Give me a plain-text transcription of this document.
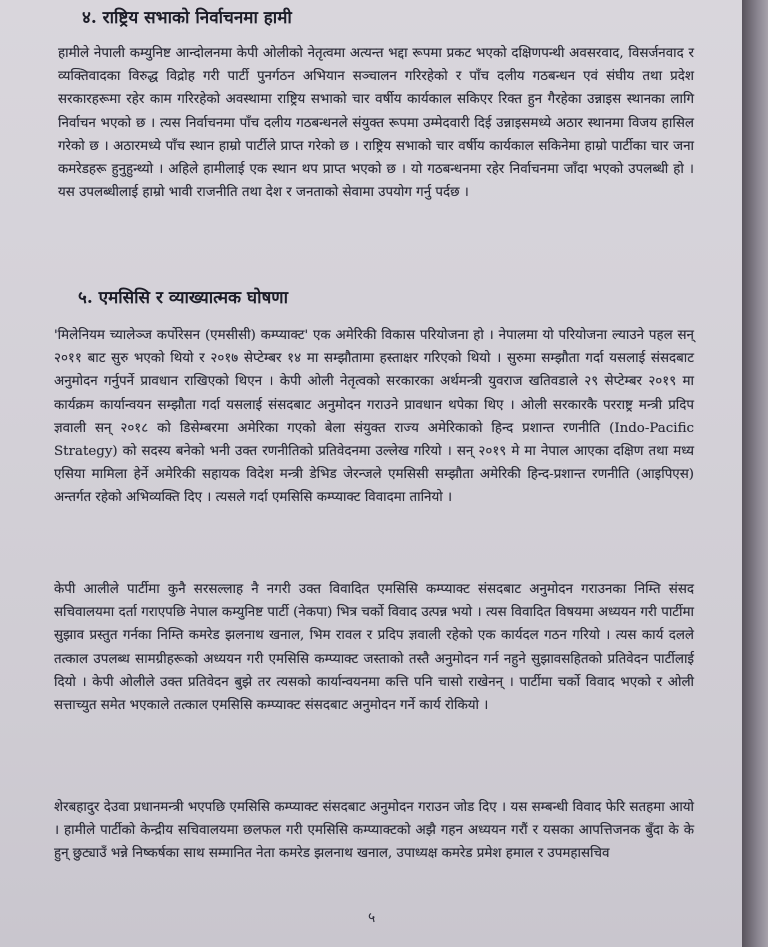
४. राष्ट्रिय सभाको निर्वाचनमा हामी

हामीले नेपाली कम्युनिष्ट आन्दोलनमा केपी ओलीको नेतृत्वमा अत्यन्त भद्दा रूपमा प्रकट भएको दक्षिणपन्थी अवसरवाद, विसर्जनवाद र व्यक्तिवादका विरुद्ध विद्रोह गरी पार्टी पुनर्गठन अभियान सञ्चालन गरिरहेको र पाँच दलीय गठबन्धन एवं संघीय तथा प्रदेश सरकारहरूमा रहेर काम गरिरहेको अवस्थामा राष्ट्रिय सभाको चार वर्षीय कार्यकाल सकिएर रिक्त हुन गैरहेका उन्नाइस स्थानका लागि निर्वाचन भएको छ । त्यस निर्वाचनमा पाँच दलीय गठबन्धनले संयुक्त रूपमा उम्मेदवारी दिई उन्नाइसमध्ये अठार स्थानमा विजय हासिल गरेको छ । अठारमध्ये पाँच स्थान हाम्रो पार्टीले प्राप्त गरेको छ । राष्ट्रिय सभाको चार वर्षीय कार्यकाल सकिनेमा हाम्रो पार्टीका चार जना कमरेडहरू हुनुहुन्थ्यो । अहिले हामीलाई एक स्थान थप प्राप्त भएको छ । यो गठबन्धनमा रहेर निर्वाचनमा जाँदा भएको उपलब्धी हो । यस उपलब्धीलाई हाम्रो भावी राजनीति तथा देश र जनताको सेवामा उपयोग गर्नु पर्दछ ।

५. एमसिसि र व्याख्यात्मक घोषणा

'मिलेनियम च्यालेञ्ज कर्पोरेसन (एमसीसी) कम्प्याक्ट' एक अमेरिकी विकास परियोजना हो । नेपालमा यो परियोजना ल्याउने पहल सन् २०११ बाट सुरु भएको थियो र २०१७ सेप्टेम्बर १४ मा सम्झौतामा हस्ताक्षर गरिएको थियो । सुरुमा सम्झौता गर्दा यसलाई संसदबाट अनुमोदन गर्नुपर्ने प्रावधान राखिएको थिएन । केपी ओली नेतृत्वको सरकारका अर्थमन्त्री युवराज खतिवडाले २९ सेप्टेम्बर २०१९ मा कार्यक्रम कार्यान्वयन सम्झौता गर्दा यसलाई संसदबाट अनुमोदन गराउने प्रावधान थपेका थिए । ओली सरकारकै परराष्ट्र मन्त्री प्रदिप ज्ञवाली सन् २०१८ को डिसेम्बरमा अमेरिका गएको बेला संयुक्त राज्य अमेरिकाको हिन्द प्रशान्त रणनीति (Indo-Pacific Strategy) को सदस्य बनेको भनी उक्त रणनीतिको प्रतिवेदनमा उल्लेख गरियो । सन् २०१९ मे मा नेपाल आएका दक्षिण तथा मध्य एसिया मामिला हेर्ने अमेरिकी सहायक विदेश मन्त्री डेभिड जेरन्जले एमसिसी सम्झौता अमेरिकी हिन्द-प्रशान्त रणनीति (आइपिएस) अन्तर्गत रहेको अभिव्यक्ति दिए । त्यसले गर्दा एमसिसि कम्प्याक्ट विवादमा तानियो ।

केपी आलीले पार्टीमा कुनै सरसल्लाह नै नगरी उक्त विवादित एमसिसि कम्प्याक्ट संसदबाट अनुमोदन गराउनका निम्ति संसद सचिवालयमा दर्ता गराएपछि नेपाल कम्युनिष्ट पार्टी (नेकपा) भित्र चर्को विवाद उत्पन्न भयो । त्यस विवादित विषयमा अध्ययन गरी पार्टीमा सुझाव प्रस्तुत गर्नका निम्ति कमरेड झलनाथ खनाल, भिम रावल र प्रदिप ज्ञवाली रहेको एक कार्यदल गठन गरियो । त्यस कार्य दलले तत्काल उपलब्ध सामग्रीहरूको अध्ययन गरी एमसिसि कम्प्याक्ट जस्ताको तस्तै अनुमोदन गर्न नहुने सुझावसहितको प्रतिवेदन पार्टीलाई दियो । केपी ओलीले उक्त प्रतिवेदन बुझे तर त्यसको कार्यान्वयनमा कत्ति पनि चासो राखेनन् । पार्टीमा चर्को विवाद भएको र ओली सत्ताच्युत समेत भएकाले तत्काल एमसिसि कम्प्याक्ट संसदबाट अनुमोदन गर्ने कार्य रोकियो ।

शेरबहादुर देउवा प्रधानमन्त्री भएपछि एमसिसि कम्प्याक्ट संसदबाट अनुमोदन गराउन जोड दिए । यस सम्बन्धी विवाद फेरि सतहमा आयो । हामीले पार्टीको केन्द्रीय सचिवालयमा छलफल गरी एमसिसि कम्प्याक्टको अझै गहन अध्ययन गरौं र यसका आपत्तिजनक बुँदा के के हुन् छुट्याउँ भन्ने निष्कर्षका साथ सम्मानित नेता कमरेड झलनाथ खनाल, उपाध्यक्ष कमरेड प्रमेश हमाल र उपमहासचिव

५
